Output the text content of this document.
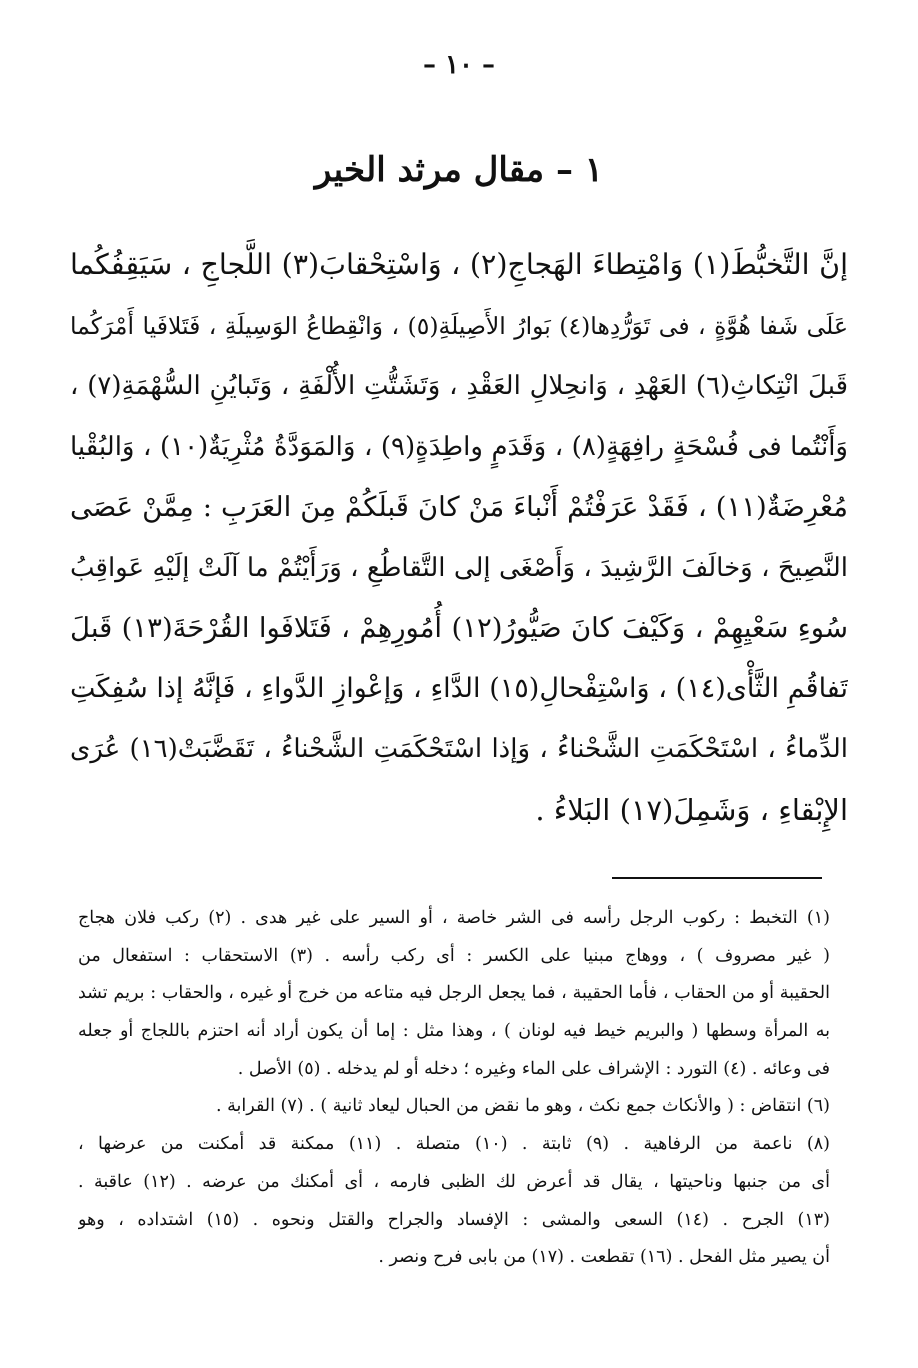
– ١٠ –
١ – مقال مرثد الخير
إنَّ التَّخبُّطَ(١) وَامْتِطاءَ الهَجاجِ(٢) ، وَاسْتِحْقابَ(٣) اللَّجاجِ ، سَيَقِفُكُما
عَلَى شَفا هُوَّةٍ ، فى تَوَرُّدِها(٤) بَوارُ الأَصِيلَةِ(٥) ، وَانْقِطاعُ الوَسِيلَةِ ، فَتَلافَيا أَمْرَكُما
قَبلَ انْتِكاثِ(٦) العَهْدِ ، وَانحِلالِ العَقْدِ ، وَتَشَتُّتِ الأُلْفَةِ ، وَتَبايُنِ السُّهْمَةِ(٧) ،
وَأَنْتُما فى فُسْحَةٍ رافِهَةٍ(٨) ، وَقَدَمٍ واطِدَةٍ(٩) ، وَالمَوَدَّةُ مُثْرِيَةٌ(١٠) ، وَالبُقْيا
مُعْرِضَةٌ(١١) ، فَقَدْ عَرَفْتُمْ أَنْباءَ مَنْ كانَ قَبلَكُمْ مِنَ العَرَبِ : مِمَّنْ عَصَى
النَّصِيحَ ، وَخالَفَ الرَّشِيدَ ، وَأَصْغَى إلى التَّقاطُعِ ، وَرَأَيْتُمْ ما آلَتْ إلَيْهِ عَواقِبُ
سُوءِ سَعْيِهِمْ ، وَكَيْفَ كانَ صَيُّورُ(١٢) أُمُورِهِمْ ، فَتَلافَوا القُرْحَةَ(١٣) قَبلَ
تَفاقُمِ الثَّأْى(١٤) ، وَاسْتِفْحالِ(١٥) الدَّاءِ ، وَإعْوازِ الدَّواءِ ، فَإنَّهُ إذا سُفِكَتِ
الدِّماءُ ، اسْتَحْكَمَتِ الشَّحْناءُ ، وَإذا اسْتَحْكَمَتِ الشَّحْناءُ ، تَقَضَّبَتْ(١٦) عُرَى
الإِبْقاءِ ، وَشَمِلَ(١٧) البَلاءُ .
(١) التخبط : ركوب الرجل رأسه فى الشر خاصة ، أو السير على غير هدى . (٢) ركب فلان هجاج
( غير مصروف ) ، ووهاج مبنيا على الكسر : أى ركب رأسه . (٣) الاستحقاب : استفعال من
الحقيبة أو من الحقاب ، فأما الحقيبة ، فما يجعل الرجل فيه متاعه من خرج أو غيره ، والحقاب : بريم تشد
به المرأة وسطها ( والبريم خيط فيه لونان ) ، وهذا مثل : إما أن يكون أراد أنه احتزم باللجاج أو جعله
فى وعائه . (٤) التورد : الإشراف على الماء وغيره ؛ دخله أو لم يدخله . (٥) الأصل .
(٦) انتقاض : ( والأنكاث جمع نكث ، وهو ما نقض من الحبال ليعاد ثانية ) . (٧) القرابة .
(٨) ناعمة من الرفاهية . (٩) ثابتة . (١٠) متصلة . (١١) ممكنة قد أمكنت من عرضها ،
أى من جنبها وناحيتها ، يقال قد أعرض لك الظبى فارمه ، أى أمكنك من عرضه . (١٢) عاقبة .
(١٣) الجرح . (١٤) السعى والمشى : الإفساد والجراح والقتل ونحوه . (١٥) اشتداده ، وهو
أن يصير مثل الفحل . (١٦) تقطعت . (١٧) من بابى فرح ونصر .
